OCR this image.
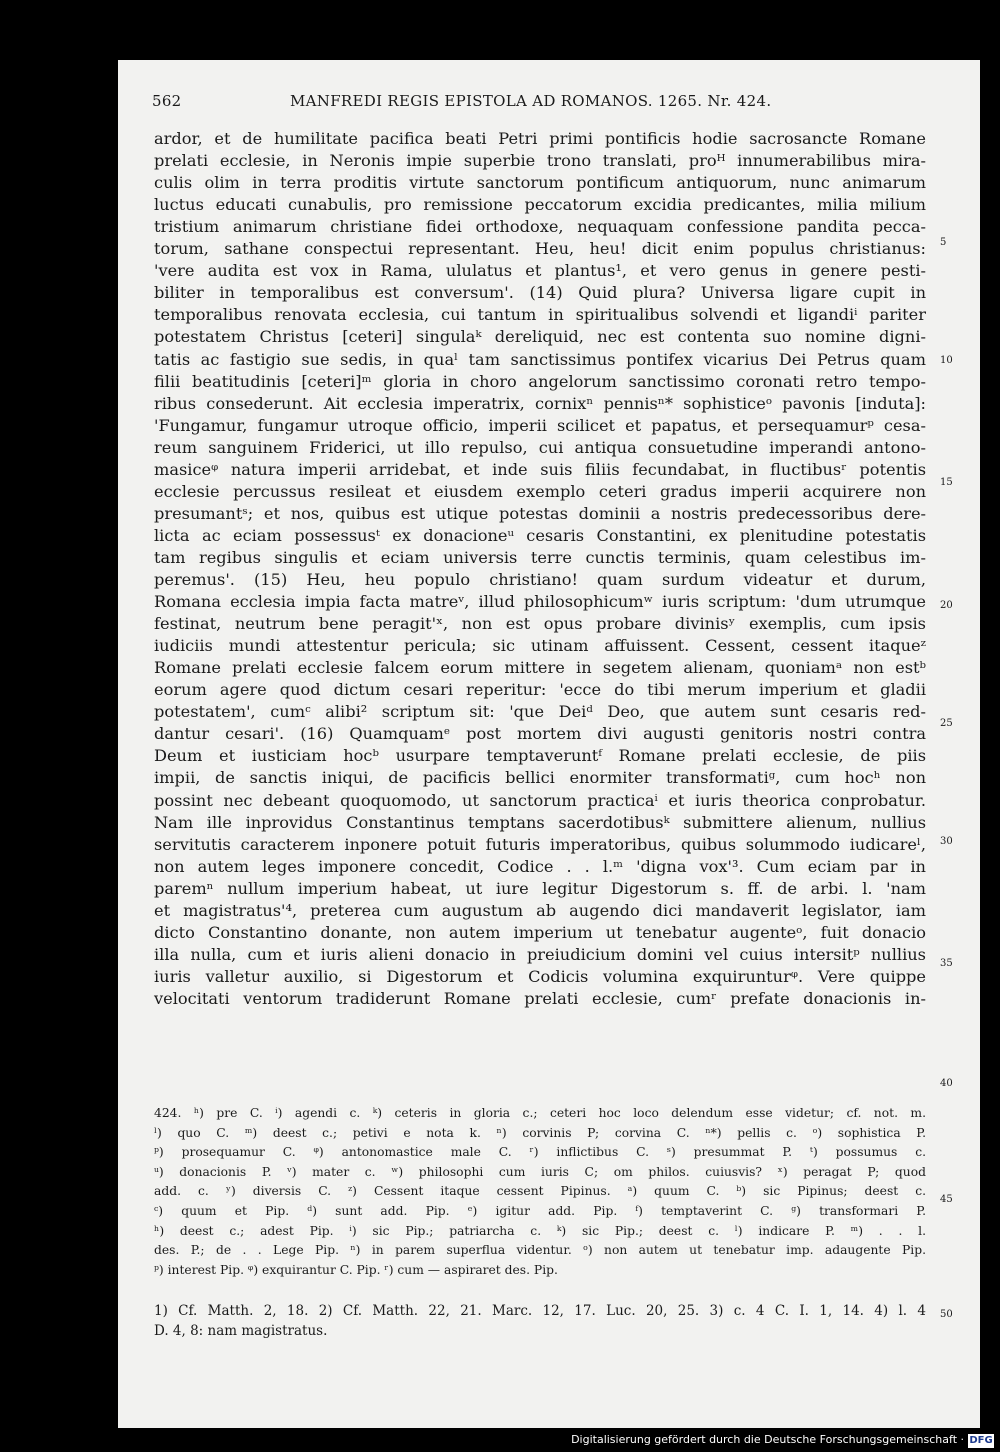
562	MANFREDI REGIS EPISTOLA AD ROMANOS. 1265. Nr. 424.
ardor, et de humilitate pacifica beati Petri primi pontificis hodie sacrosancte Romane
prelati ecclesie, in Neronis impie superbie trono translati, proᴴ innumerabilibus mira-
culis olim in terra proditis virtute sanctorum pontificum antiquorum, nunc animarum
luctus educati cunabulis, pro remissione peccatorum excidia predicantes, milia milium
tristium animarum christiane fidei orthodoxe, nequaquam confessione pandita pecca-
torum, sathane conspectui representant. Heu, heu! dicit enim populus christianus:
'vere audita est vox in Rama, ululatus et plantus¹, et vero genus in genere pesti-
biliter in temporalibus est conversum'. (14) Quid plura? Universa ligare cupit in
temporalibus renovata ecclesia, cui tantum in spiritualibus solvendi et ligandiⁱ pariter
potestatem Christus [ceteri] singulaᵏ dereliquid, nec est contenta suo nomine digni-
tatis ac fastigio sue sedis, in quaˡ tam sanctissimus pontifex vicarius Dei Petrus quam
filii beatitudinis [ceteri]ᵐ gloria in choro angelorum sanctissimo coronati retro tempo-
ribus consederunt. Ait ecclesia imperatrix, cornixⁿ pennisⁿ* sophisticeᵒ pavonis [induta]:
'Fungamur, fungamur utroque officio, imperii scilicet et papatus, et persequamurᵖ cesa-
reum sanguinem Friderici, ut illo repulso, cui antiqua consuetudine imperandi antono-
masiceᵠ natura imperii arridebat, et inde suis filiis fecundabat, in fluctibusʳ potentis
ecclesie percussus resileat et eiusdem exemplo ceteri gradus imperii acquirere non
presumantˢ; et nos, quibus est utique potestas dominii a nostris predecessoribus dere-
licta ac eciam possessusᵗ ex donacioneᵘ cesaris Constantini, ex plenitudine potestatis
tam regibus singulis et eciam universis terre cunctis terminis, quam celestibus im-
peremus'. (15) Heu, heu populo christiano! quam surdum videatur et durum,
Romana ecclesia impia facta matreᵛ, illud philosophicumʷ iuris scriptum: 'dum utrumque
festinat, neutrum bene peragit'ˣ, non est opus probare divinisʸ exemplis, cum ipsis
iudiciis mundi attestentur pericula; sic utinam affuissent. Cessent, cessent itaqueᶻ
Romane prelati ecclesie falcem eorum mittere in segetem alienam, quoniamᵃ non estᵇ
eorum agere quod dictum cesari reperitur: 'ecce do tibi merum imperium et gladii
potestatem', cumᶜ alibi² scriptum sit: 'que Deiᵈ Deo, que autem sunt cesaris red-
dantur cesari'. (16) Quamquamᵉ post mortem divi augusti genitoris nostri contra
Deum et iusticiam hocᵇ usurpare temptaveruntᶠ Romane prelati ecclesie, de piis
impii, de sanctis iniqui, de pacificis bellici enormiter transformatiᵍ, cum hocʰ non
possint nec debeant quoquomodo, ut sanctorum practicaⁱ et iuris theorica conprobatur.
Nam ille inprovidus Constantinus temptans sacerdotibusᵏ submittere alienum, nullius
servitutis caracterem inponere potuit futuris imperatoribus, quibus solummodo iudicareˡ,
non autem leges imponere concedit, Codice . . l.ᵐ 'digna vox'³. Cum eciam par in
paremⁿ nullum imperium habeat, ut iure legitur Digestorum s. ff. de arbi. l. 'nam
et magistratus'⁴, preterea cum augustum ab augendo dici mandaverit legislator, iam
dicto Constantino donante, non autem imperium ut tenebatur augenteᵒ, fuit donacio
illa nulla, cum et iuris alieni donacio in preiudicium domini vel cuius intersitᵖ nullius
iuris valletur auxilio, si Digestorum et Codicis volumina exquirunturᵠ. Vere quippe
velocitati ventorum tradiderunt Romane prelati ecclesie, cumʳ prefate donacionis in-
5
10
15
20
25
30
35
40
45
50
424. ʰ) pre C. ⁱ) agendi c. ᵏ) ceteris in gloria c.; ceteri hoc loco delendum esse videtur; cf. not. m.
ˡ) quo C. ᵐ) deest c.; petivi e nota k. ⁿ) corvinis P; corvina C. ⁿ*) pellis c. ᵒ) sophistica P.
ᵖ) prosequamur C. ᵠ) antonomastice male C. ʳ) inflictibus C. ˢ) presummat P. ᵗ) possumus c.
ᵘ) donacionis P. ᵛ) mater c. ʷ) philosophi cum iuris C; om philos. cuiusvis? ˣ) peragat P; quod
add. c. ʸ) diversis C. ᶻ) Cessent itaque cessent Pipinus. ᵃ) quum C. ᵇ) sic Pipinus; deest c.
ᶜ) quum et Pip. ᵈ) sunt add. Pip. ᵉ) igitur add. Pip. ᶠ) temptaverint C. ᵍ) transformari P.
ʰ) deest c.; adest Pip. ⁱ) sic Pip.; patriarcha c. ᵏ) sic Pip.; deest c. ˡ) indicare P. ᵐ) . . l.
des. P.; de . . Lege Pip. ⁿ) in parem superflua videntur. ᵒ) non autem ut tenebatur imp. adaugente Pip.
ᵖ) interest Pip. ᵠ) exquirantur C. Pip. ʳ) cum — aspiraret des. Pip.
1) Cf. Matth. 2, 18. 2) Cf. Matth. 22, 21. Marc. 12, 17. Luc. 20, 25. 3) c. 4 C. I. 1, 14. 4) l. 4
D. 4, 8: nam magistratus.
Digitalisierung gefördert durch die Deutsche Forschungsgemeinschaft · DFG
